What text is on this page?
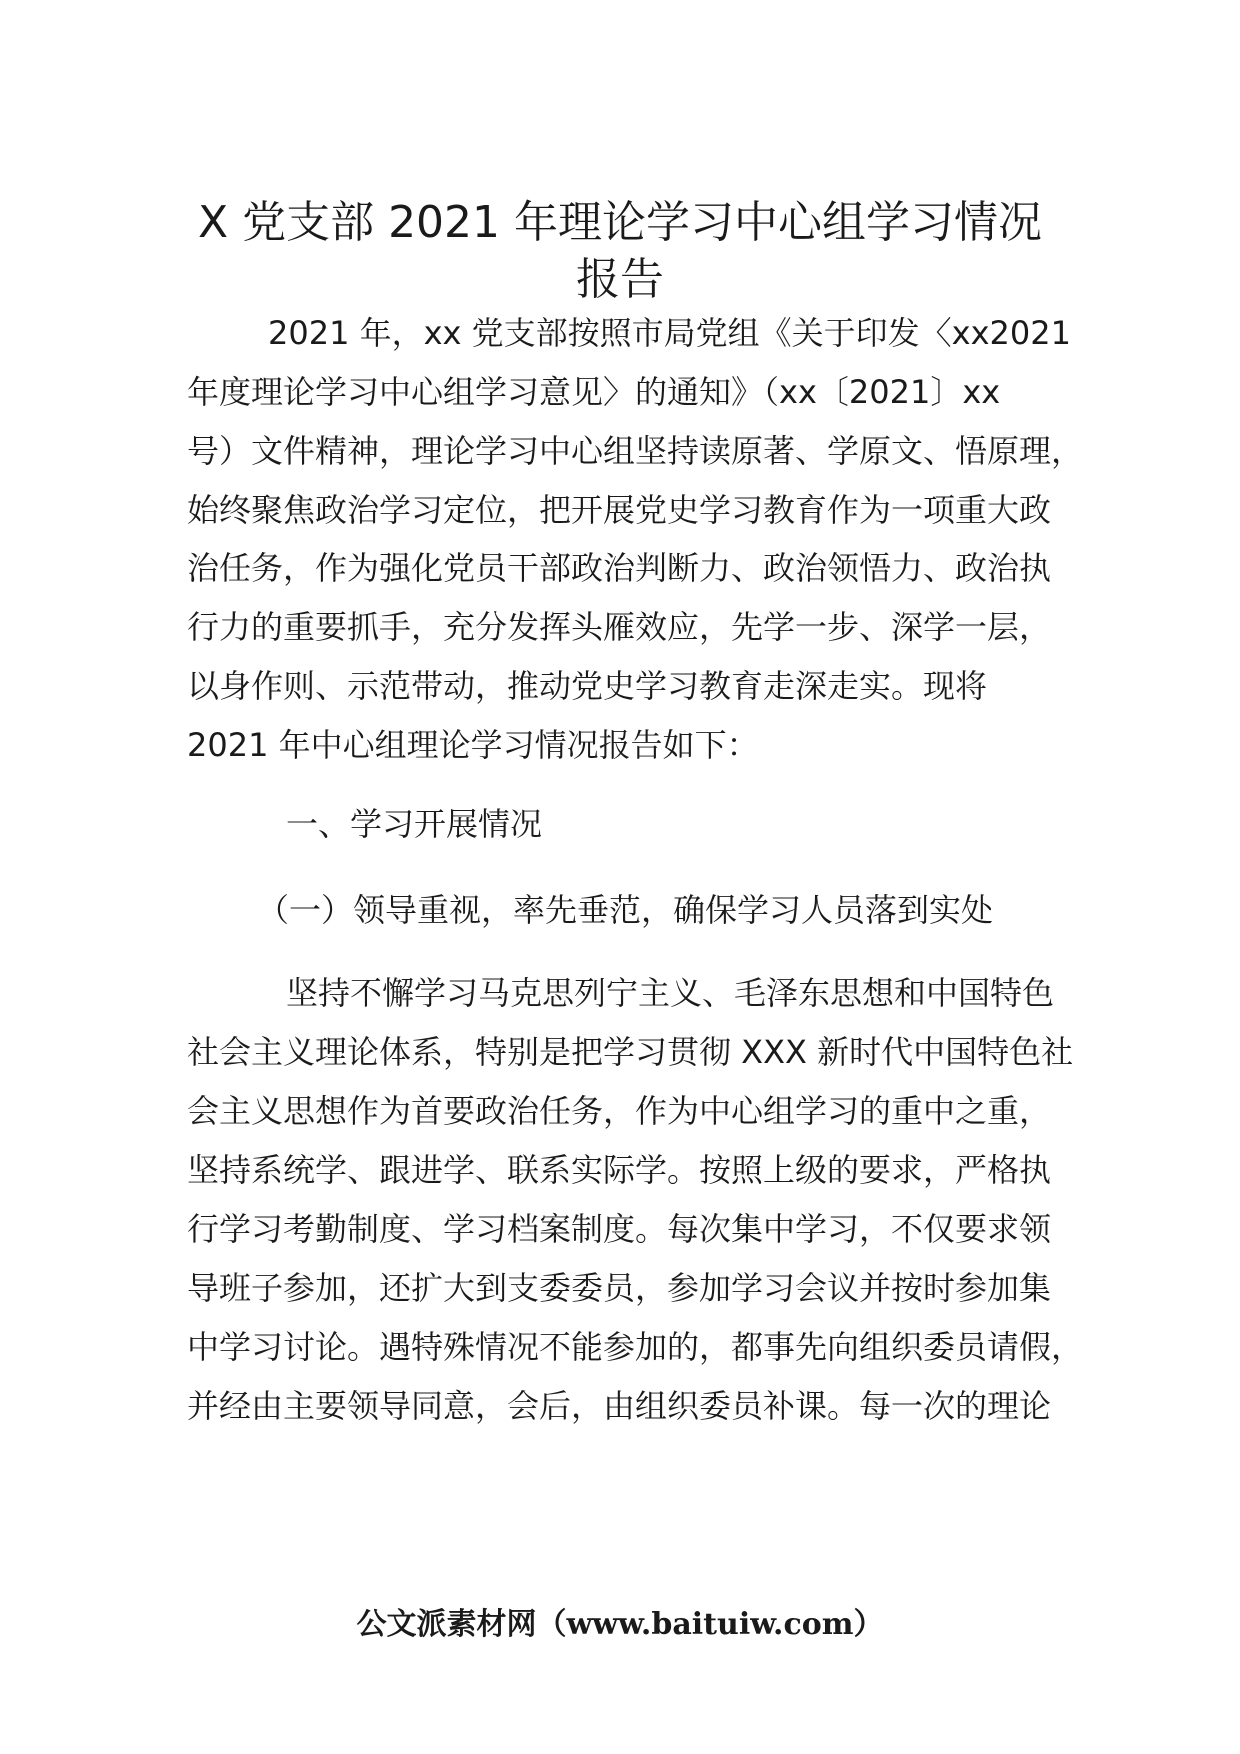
X 党支部 2021 年理论学习中心组学习情况
报告

2021 年，xx 党支部按照市局党组《关于印发〈xx2021

年度理论学习中心组学习意见〉的通知》（xx〔2021〕xx

号）文件精神，理论学习中心组坚持读原著、学原文、悟原理，

始终聚焦政治学习定位，把开展党史学习教育作为一项重大政

治任务，作为强化党员干部政治判断力、政治领悟力、政治执

行力的重要抓手，充分发挥头雁效应，先学一步、深学一层，

以身作则、示范带动，推动党史学习教育走深走实。现将

2021 年中心组理论学习情况报告如下：

一、学习开展情况

（一）领导重视，率先垂范，确保学习人员落到实处

坚持不懈学习马克思列宁主义、毛泽东思想和中国特色

社会主义理论体系，特别是把学习贯彻 XXX 新时代中国特色社

会主义思想作为首要政治任务，作为中心组学习的重中之重，

坚持系统学、跟进学、联系实际学。按照上级的要求，严格执

行学习考勤制度、学习档案制度。每次集中学习，不仅要求领

导班子参加，还扩大到支委委员，参加学习会议并按时参加集

中学习讨论。遇特殊情况不能参加的，都事先向组织委员请假，

并经由主要领导同意，会后，由组织委员补课。每一次的理论

公文派素材网（www.baituiw.com）
